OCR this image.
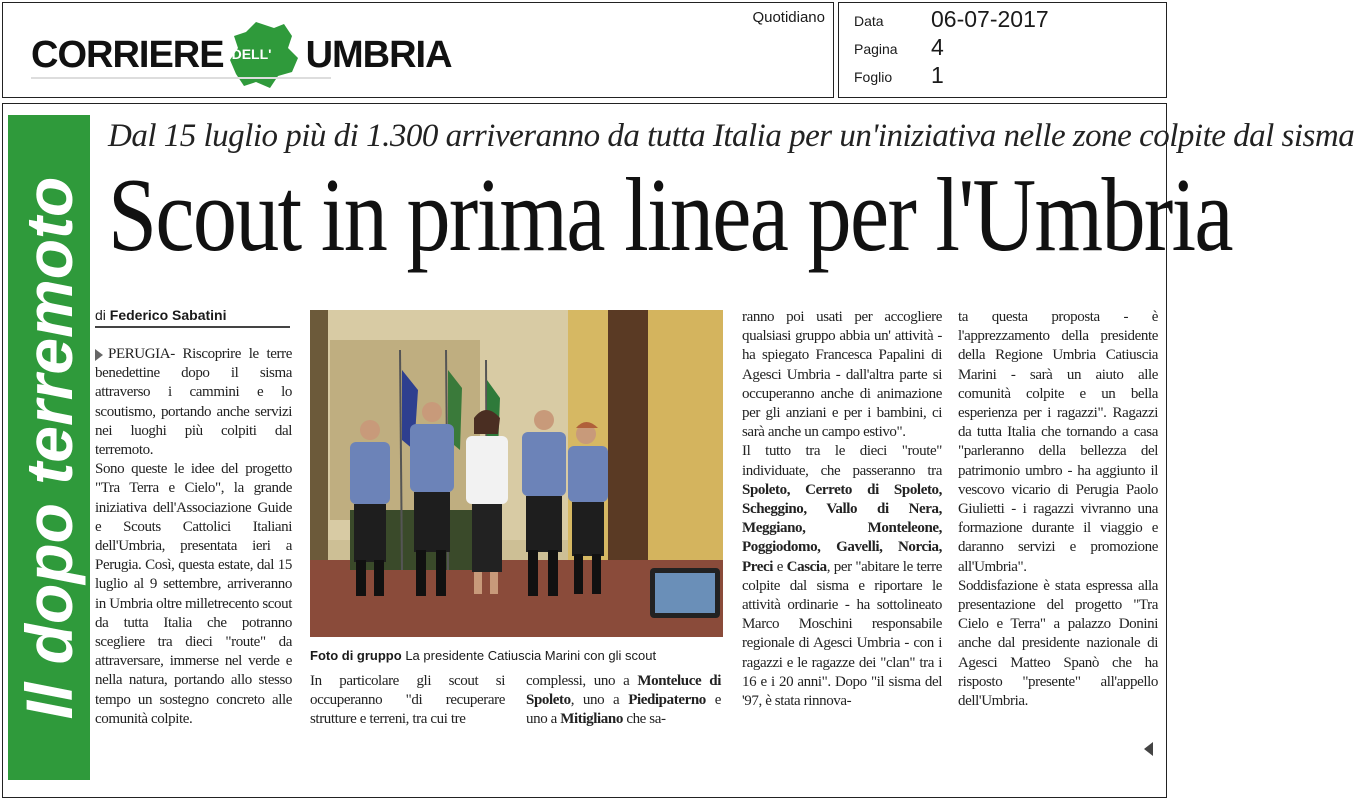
CORRIERE DELL' UMBRIA
Quotidiano Data 06-07-2017
Pagina 4
Foglio 1
Il dopo terremoto
Dal 15 luglio più di 1.300 arriveranno da tutta Italia per un'iniziativa nelle zone colpite dal sisma
Scout in prima linea per l'Umbria
di Federico Sabatini

PERUGIA- Riscoprire le terre benedettine dopo il sisma attraverso i cammini e lo scoutismo, portando anche servizi nei luoghi più colpiti dal terremoto.

Sono queste le idee del progetto "Tra Terra e Cielo", la grande iniziativa dell'Associazione Guide e Scouts Cattolici Italiani dell'Umbria, presentata ieri a Perugia. Così, questa estate, dal 15 luglio al 9 settembre, arriveranno in Umbria oltre milletrecento scout da tutta Italia che potranno scegliere tra dieci "route" da attraversare, immerse nel verde e nella natura, portando allo stesso tempo un sostegno concreto alle comunità colpite.

Foto di gruppo La presidente Catiuscia Marini con gli scout

In particolare gli scout si occuperanno "di recuperare strutture e terreni, tra cui tre

complessi, uno a Monteluce di Spoleto, uno a Piedipaterno e uno a Mitigliano che sa-

ranno poi usati per accogliere qualsiasi gruppo abbia un' attività - ha spiegato Francesca Papalini di Agesci Umbria - dall'altra parte si occuperanno anche di animazione per gli anziani e per i bambini, ci sarà anche un campo estivo".

Il tutto tra le dieci "route" individuate, che passeranno tra Spoleto, Cerreto di Spoleto, Scheggino, Vallo di Nera, Meggiano, Monteleone, Poggiodomo, Gavelli, Norcia, Preci e Cascia, per "abitare le terre colpite dal sisma e riportare le attività ordinarie - ha sottolineato Marco Moschini responsabile regionale di Agesci Umbria - con i ragazzi e le ragazze dei "clan" tra i 16 e i 20 anni". Dopo "il sisma del '97, è stata rinnova-

ta questa proposta - è l'apprezzamento della presidente della Regione Umbria Catiuscia Marini - sarà un aiuto alle comunità colpite e un bella esperienza per i ragazzi". Ragazzi da tutta Italia che tornando a casa "parleranno della bellezza del patrimonio umbro - ha aggiunto il vescovo vicario di Perugia Paolo Giulietti - i ragazzi vivranno una formazione durante il viaggio e daranno servizi e promozione all'Umbria".

Soddisfazione è stata espressa alla presentazione del progetto "Tra Cielo e Terra" a palazzo Donini anche dal presidente nazionale di Agesci Matteo Spanò che ha risposto "presente" all'appello dell'Umbria.
